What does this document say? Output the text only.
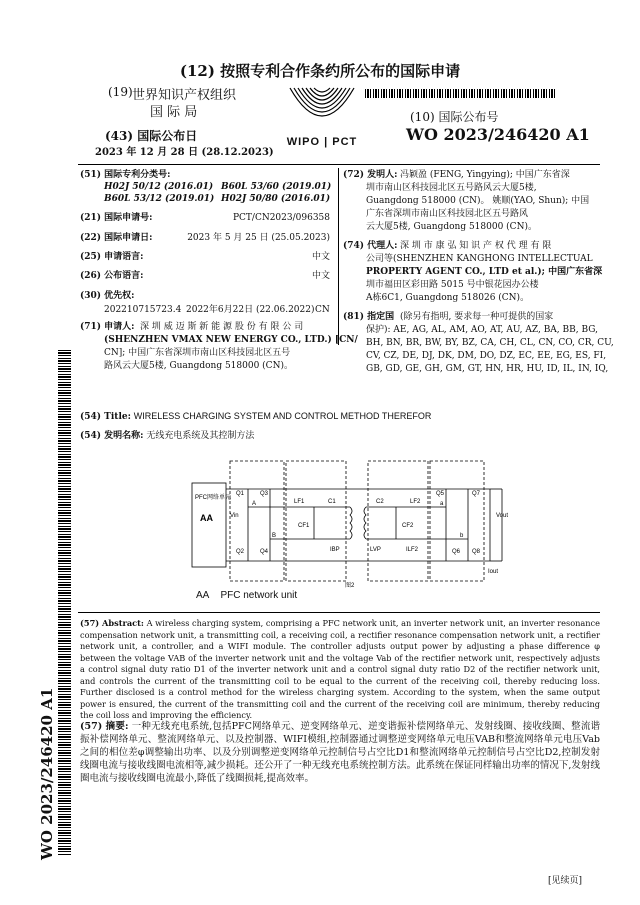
(12) 按照专利合作条约所公布的国际申请
(19) 世界知识产权组织
国 际 局
(43) 国际公布日
2023 年 12 月 28 日 (28.12.2023)
WIPO | PCT
(10) 国际公布号
WO 2023/246420 A1
(51) 国际专利分类号:
H02J 50/12 (2016.01) B60L 53/60 (2019.01)
B60L 53/12 (2019.01) H02J 50/80 (2016.01)
(21) 国际申请号:	PCT/CN2023/096358
(22) 国际申请日:	2023 年 5 月 25 日 (25.05.2023)
(25) 申请语言:	中文
(26) 公布语言:	中文
(30) 优先权:
202210715723.4 2022年6月22日 (22.06.2022) CN
(71) 申请人: 深 圳 威 迈 斯 新 能 源 股 份 有 限 公 司
(SHENZHEN VMAX NEW ENERGY CO., LTD.) [CN/
CN]; 中国广东省深圳市南山区科技园北区五号
路风云大厦5楼, Guangdong 518000 (CN)。
(72) 发明人: 冯颖盈 (FENG, Yingying); 中国广东省深
圳市南山区科技园北区五号路风云大厦5楼,
Guangdong 518000 (CN)。 姚顺(YAO, Shun); 中国
广东省深圳市南山区科技园北区五号路风
云大厦5楼, Guangdong 518000 (CN)。
(74) 代理人: 深 圳 市 康 弘 知 识 产 权 代 理 有 限
公司等(SHENZHEN KANGHONG INTELLECTUAL
PROPERTY AGENT CO., LTD et al.); 中国广东省深
圳市福田区彩田路 5015 号中银花园办公楼
A栋6C1, Guangdong 518026 (CN)。
(81) 指定国 (除另有指明, 要求每一种可提供的国家
保护): AE, AG, AL, AM, AO, AT, AU, AZ, BA, BB, BG,
BH, BN, BR, BW, BY, BZ, CA, CH, CL, CN, CO, CR, CU,
CV, CZ, DE, DJ, DK, DM, DO, DZ, EC, EE, EG, ES, FI,
GB, GD, GE, GH, GM, GT, HN, HR, HU, ID, IL, IN, IQ,
WO 2023/246420 A1
(54) Title: WIRELESS CHARGING SYSTEM AND CONTROL METHOD THEREFOR
(54) 发明名称: 无线充电系统及其控制方法
PFC网络单元
AA	Vin	Vout
Iout
Q1	Q3
Q2	Q4
Q5	Q7
Q6 Q8
A
B
a
b
LF1	C1
CF1
C2	LF2
CF2
IBP	LVP	ILF2
图2
AA PFC network unit
(57) Abstract: A wireless charging system, comprising a PFC network unit, an inverter network unit, an inverter resonance compensation network unit, a transmitting coil, a receiving coil, a rectifier resonance compensation network unit, a rectifier network unit, a controller, and a WIFI module. The controller adjusts output power by adjusting a phase difference φ between the voltage VAB of the inverter network unit and the voltage Vab of the rectifier network unit, respectively adjusts a control signal duty ratio D1 of the inverter network unit and a control signal duty ratio D2 of the rectifier network unit, and controls the current of the transmitting coil to be equal to the current of the receiving coil, thereby reducing loss. Further disclosed is a control method for the wireless charging system. According to the system, when the same output power is ensured, the current of the transmitting coil and the current of the receiving coil are minimum, thereby reducing the coil loss and improving the efficiency.
(57) 摘要: 一种无线充电系统,包括PFC网络单元、逆变网络单元、逆变谐振补偿网络单元、发射线圈、接收线圈、整流谐振补偿网络单元、整流网络单元、以及控制器、WIFI模组,控制器通过调整逆变网络单元电压VAB和整流网络单元电压Vab之间的相位差φ调整输出功率、以及分别调整逆变网络单元控制信号占空比D1和整流网络单元控制信号占空比D2,控制发射线圈电流与接收线圈电流相等,减少损耗。还公开了一种无线充电系统控制方法。此系统在保证同样输出功率的情况下,发射线圈电流与接收线圈电流最小,降低了线圈损耗,提高效率。
[见续页]
